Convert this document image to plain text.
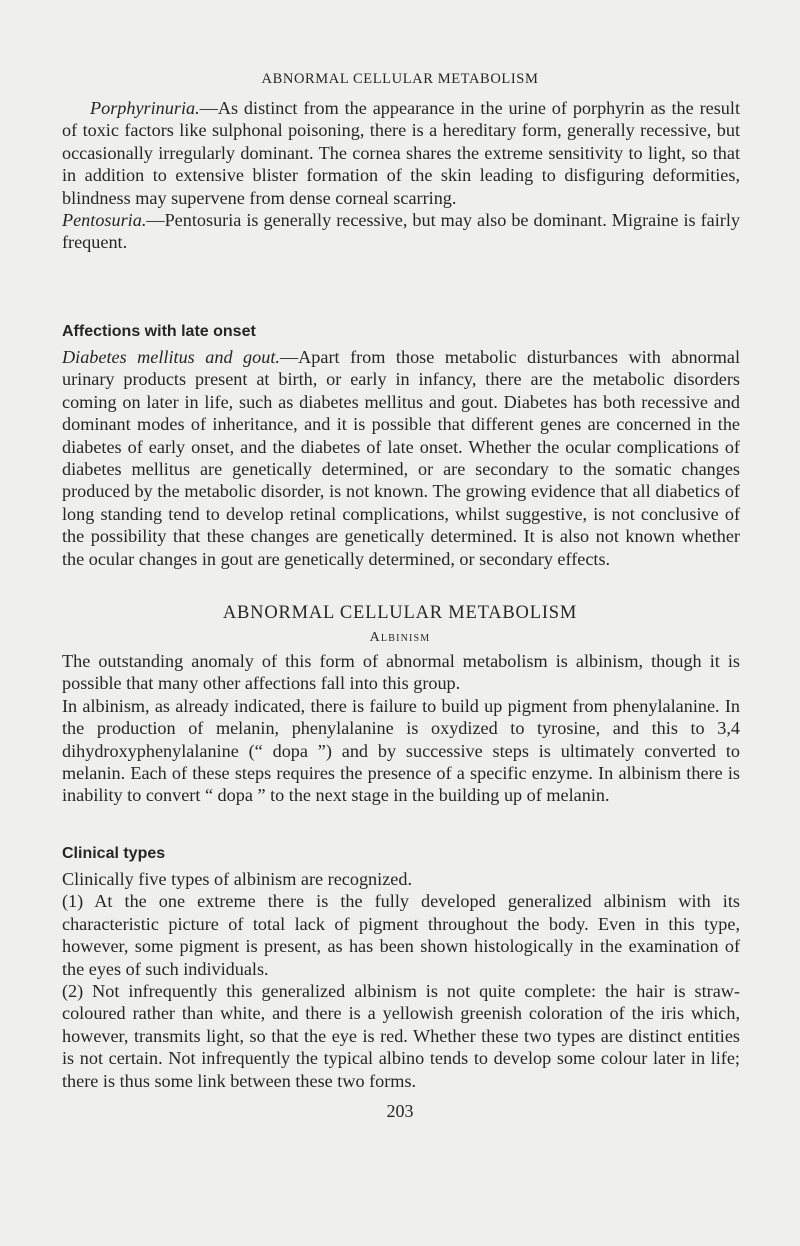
ABNORMAL CELLULAR METABOLISM

Porphyrinuria.—As distinct from the appearance in the urine of porphyrin as the result of toxic factors like sulphonal poisoning, there is a hereditary form, generally recessive, but occasionally irregularly dominant. The cornea shares the extreme sensitivity to light, so that in addition to extensive blister formation of the skin leading to disfiguring deformities, blindness may supervene from dense corneal scarring.

Pentosuria.—Pentosuria is generally recessive, but may also be dominant. Migraine is fairly frequent.

Affections with late onset

Diabetes mellitus and gout.—Apart from those metabolic disturbances with abnormal urinary products present at birth, or early in infancy, there are the metabolic disorders coming on later in life, such as diabetes mellitus and gout. Diabetes has both recessive and dominant modes of inheritance, and it is possible that different genes are concerned in the diabetes of early onset, and the diabetes of late onset. Whether the ocular complications of diabetes mellitus are genetically determined, or are secondary to the somatic changes produced by the metabolic disorder, is not known. The growing evidence that all diabetics of long standing tend to develop retinal complications, whilst suggestive, is not conclusive of the possibility that these changes are genetically determined. It is also not known whether the ocular changes in gout are genetically determined, or secondary effects.

ABNORMAL CELLULAR METABOLISM
Albinism

The outstanding anomaly of this form of abnormal metabolism is albinism, though it is possible that many other affections fall into this group.

In albinism, as already indicated, there is failure to build up pigment from phenylalanine. In the production of melanin, phenylalanine is oxydized to tyrosine, and this to 3,4 dihydroxyphenylalanine (“ dopa ”) and by successive steps is ultimately converted to melanin. Each of these steps requires the presence of a specific enzyme. In albinism there is inability to convert “ dopa ” to the next stage in the building up of melanin.

Clinical types

Clinically five types of albinism are recognized.

(1) At the one extreme there is the fully developed generalized albinism with its characteristic picture of total lack of pigment throughout the body. Even in this type, however, some pigment is present, as has been shown histologically in the examination of the eyes of such individuals.

(2) Not infrequently this generalized albinism is not quite complete: the hair is straw-coloured rather than white, and there is a yellowish greenish coloration of the iris which, however, transmits light, so that the eye is red. Whether these two types are distinct entities is not certain. Not infrequently the typical albino tends to develop some colour later in life; there is thus some link between these two forms.

203
